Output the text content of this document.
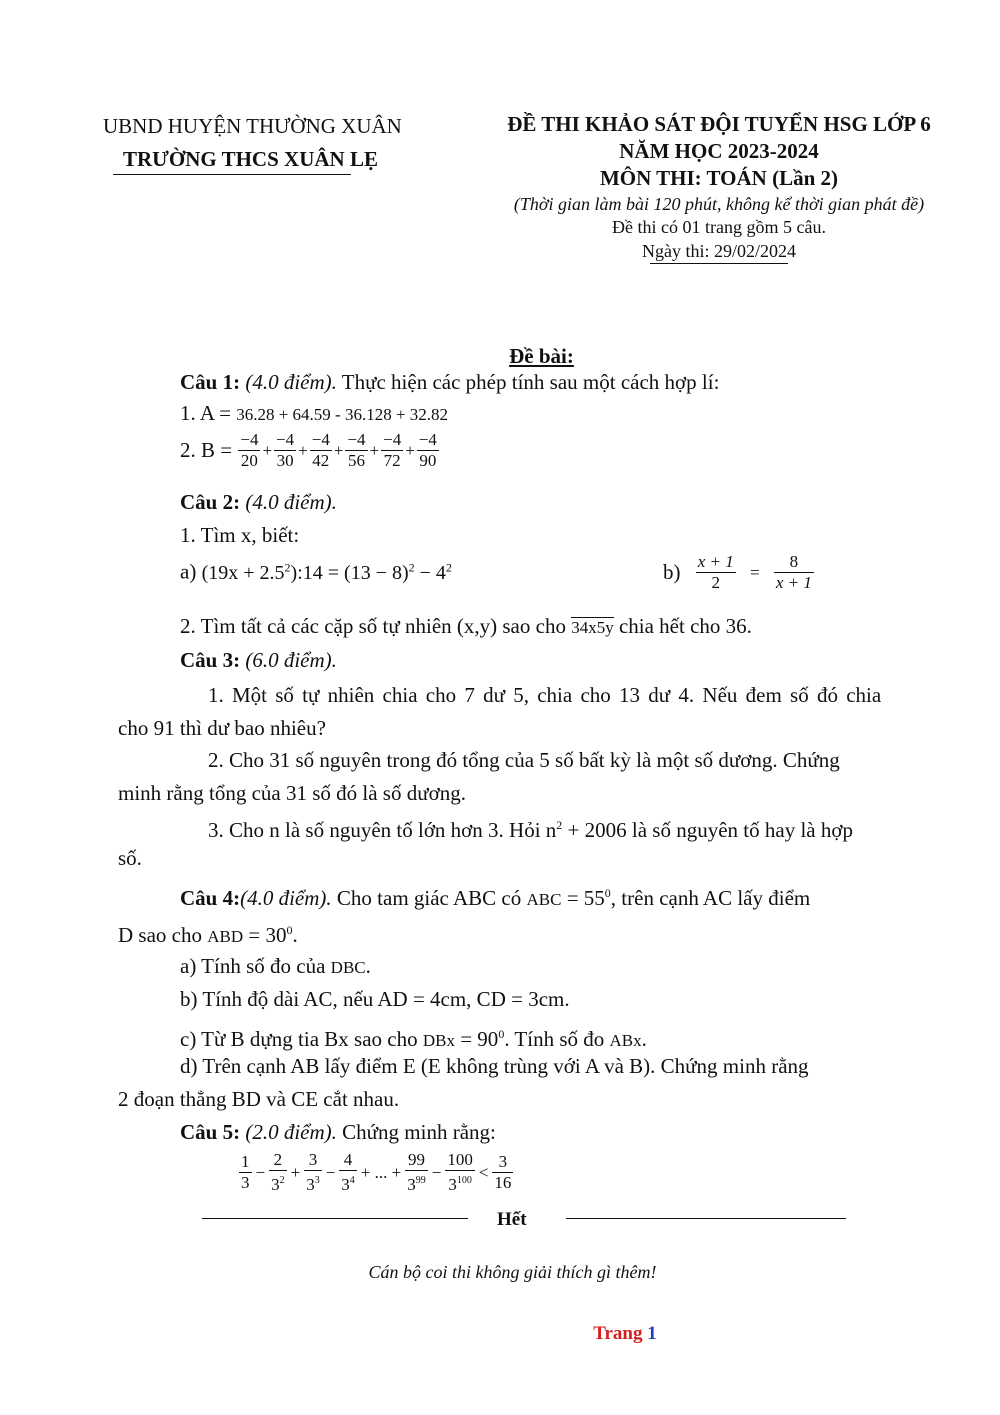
UBND HUYỆN THƯỜNG XUÂN
TRƯỜNG THCS XUÂN LẸ
ĐỀ THI KHẢO SÁT ĐỘI TUYỂN HSG LỚP 6
NĂM HỌC 2023-2024
MÔN THI: TOÁN (Lần 2)
(Thời gian làm bài 120 phút, không kể thời gian phát đề)
Đề thi có 01 trang gồm 5 câu.
Ngày thi: 29/02/2024
Đề bài:
Câu 1: (4.0 điểm). Thực hiện các phép tính sau một cách hợp lí:
1. A = 36.28 + 64.59 - 36.128 + 32.82
2. $B = \frac{-4}{20} + \frac{-4}{30} + \frac{-4}{42} + \frac{-4}{56} + \frac{-4}{72} + \frac{-4}{90}$
Câu 2: (4.0 điểm).
1. Tìm x, biết:
a) $(19x + 2.5^2):14 = (13 - 8)^2 - 4^2$	$b) \frac{x + 1}{2} = \frac{8}{x + 1}$
2. Tìm tất cả các cặp số tự nhiên (x,y) sao cho 34x5y chia hết cho 36.
Câu 3: (6.0 điểm).
1. Một số tự nhiên chia cho 7 dư 5, chia cho 13 dư 4. Nếu đem số đó chia
cho 91 thì dư bao nhiêu?
2. Cho 31 số nguyên trong đó tổng của 5 số bất kỳ là một số dương. Chứng
minh rằng tổng của 31 số đó là số dương.
3. Cho n là số nguyên tố lớn hơn 3. Hỏi $n^2 + 2006$ là số nguyên tố hay là hợp
số.
Câu 4:(4.0 điểm). Cho tam giác ABC có ABC = $55^0$, trên cạnh AC lấy điểm
D sao cho ABD = $30^0$.
a) Tính số đo của DBC.
b) Tính độ dài AC, nếu AD = 4cm, CD = 3cm.
c) Từ B dựng tia Bx sao cho DBx = $90^0$. Tính số đo ABx.
d) Trên cạnh AB lấy điểm E (E không trùng với A và B). Chứng minh rằng
2 đoạn thẳng BD và CE cắt nhau.
Câu 5: (2.0 điểm). Chứng minh rằng:
$\frac{1}{3} - \frac{2}{3^2} + \frac{3}{3^3} - \frac{4}{3^4}$ + ... + $\frac{99}{3^{99}} - \frac{100}{3^{100}} < \frac{3}{16}$
Hết
Cán bộ coi thi không giải thích gì thêm!
Trang 1
